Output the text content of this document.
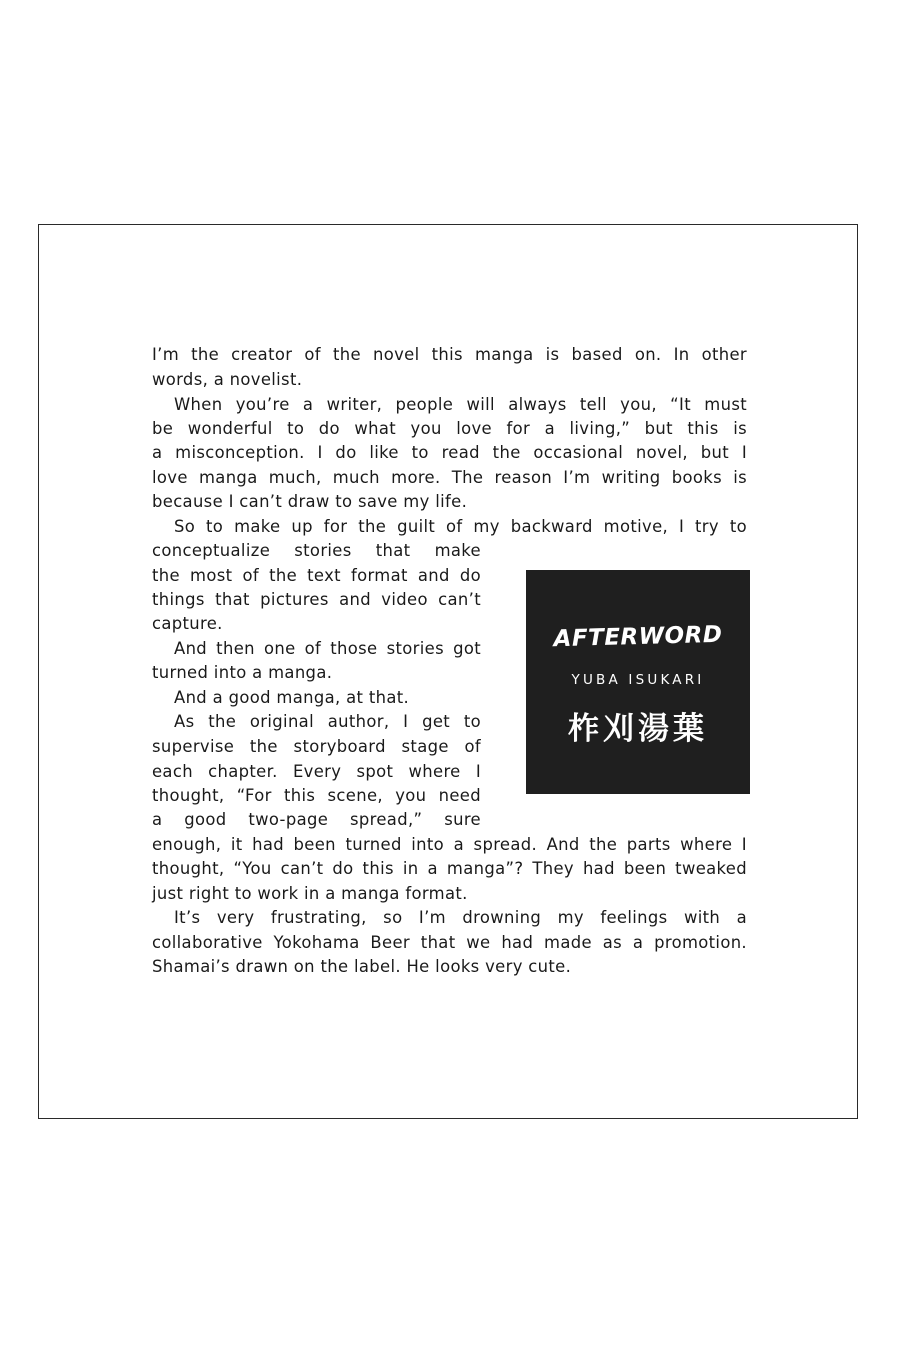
I’m the creator of the novel this manga is based on. In other
words, a novelist.
When you’re a writer, people will always tell you, “It must
be wonderful to do what you love for a living,” but this is
a misconception. I do like to read the occasional novel, but I
love manga much, much more. The reason I’m writing books is
because I can’t draw to save my life.
So to make up for the guilt of my backward motive, I try to
conceptualize stories that make
the most of the text format and do
things that pictures and video can’t
capture.
And then one of those stories got
turned into a manga.
And a good manga, at that.
As the original author, I get to
supervise the storyboard stage of
each chapter. Every spot where I
thought, “For this scene, you need
a good two-page spread,” sure
enough, it had been turned into a spread. And the parts where I
thought, “You can’t do this in a manga”? They had been tweaked
just right to work in a manga format.
It’s very frustrating, so I’m drowning my feelings with a
collaborative Yokohama Beer that we had made as a promotion.
Shamai’s drawn on the label. He looks very cute.
AFTERWORD
YUBA ISUKARI
柞刈湯葉
